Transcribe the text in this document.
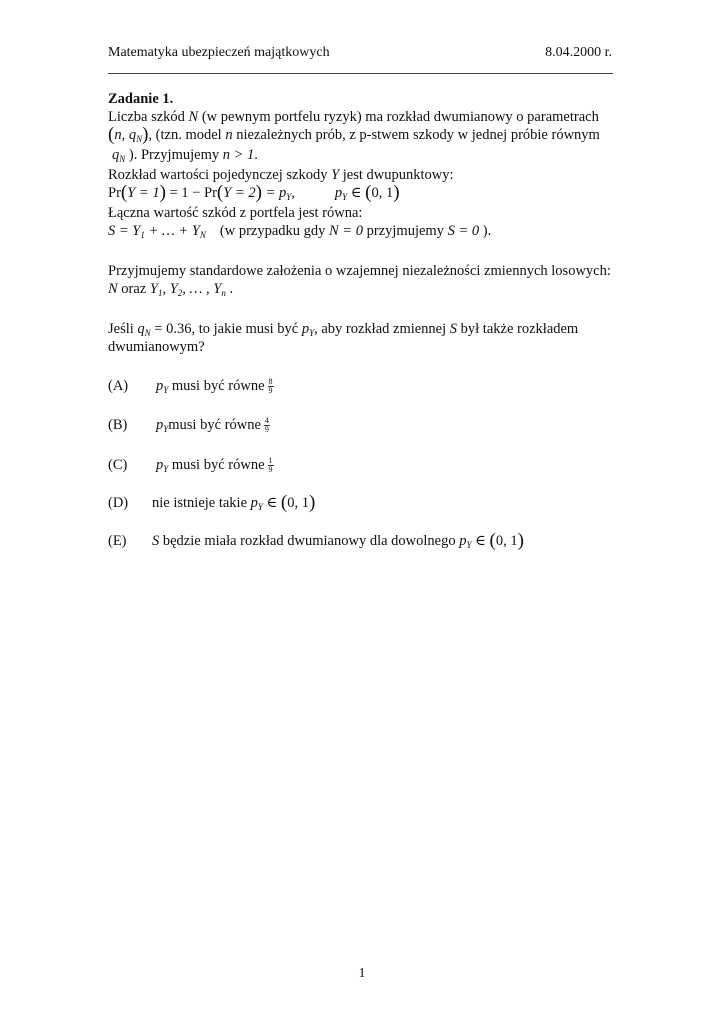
Matematyka ubezpieczeń majątkowych	8.04.2000 r.
Zadanie 1.
Liczba szkód N (w pewnym portfelu ryzyk) ma rozkład dwumianowy o parametrach
(n, $q_N$), (tzn. model n niezależnych prób, z p-stwem szkody w jednej próbie równym
$q_N$ ). Przyjmujemy n > 1.
Rozkład wartości pojedynczej szkody Y jest dwupunktowy:
$Pr(Y = 1) = 1 - Pr(Y = 2) = p_Y$,	$p_Y$ ∈ (0, 1)
Łączna wartość szkód z portfela jest równa:
$S = Y_1$ + … + $Y_N$ (w przypadku gdy N = 0 przyjmujemy S = 0 ).
Przyjmujemy standardowe założenia o wzajemnej niezależności zmiennych losowych:
N oraz $Y_1$, $Y_2$, … , $Y_n$ .
Jeśli $q_N = 0.36$, to jakie musi być $p_Y$, aby rozkład zmiennej S był także rozkładem
dwumianowym?
(A) $p_Y$ musi być równe $\frac{8}{9}$
(B) $p_Ymusi$ być równe $\frac{4}{9}$
(C) $p_Y$ musi być równe $\frac{1}{9}$
(D) nie istnieje takie $p_Y$ ∈ (0, 1)
(E) S będzie miała rozkład dwumianowy dla dowolnego $p_Y$ ∈ (0, 1)
1
